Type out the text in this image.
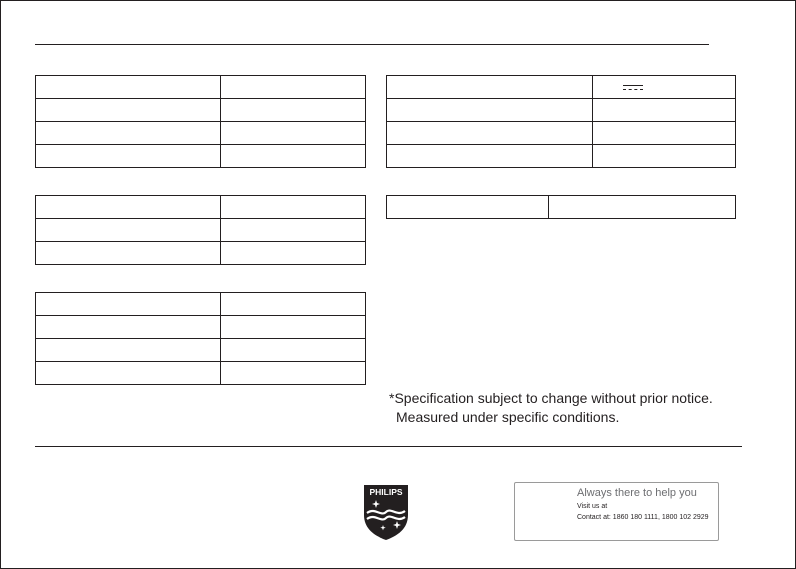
*Specification subject to change without prior notice.
Measured under specific conditions.
PHILIPS	Always there to help you
Visit us at
Contact at: 1860 180 1111, 1800 102 2929
